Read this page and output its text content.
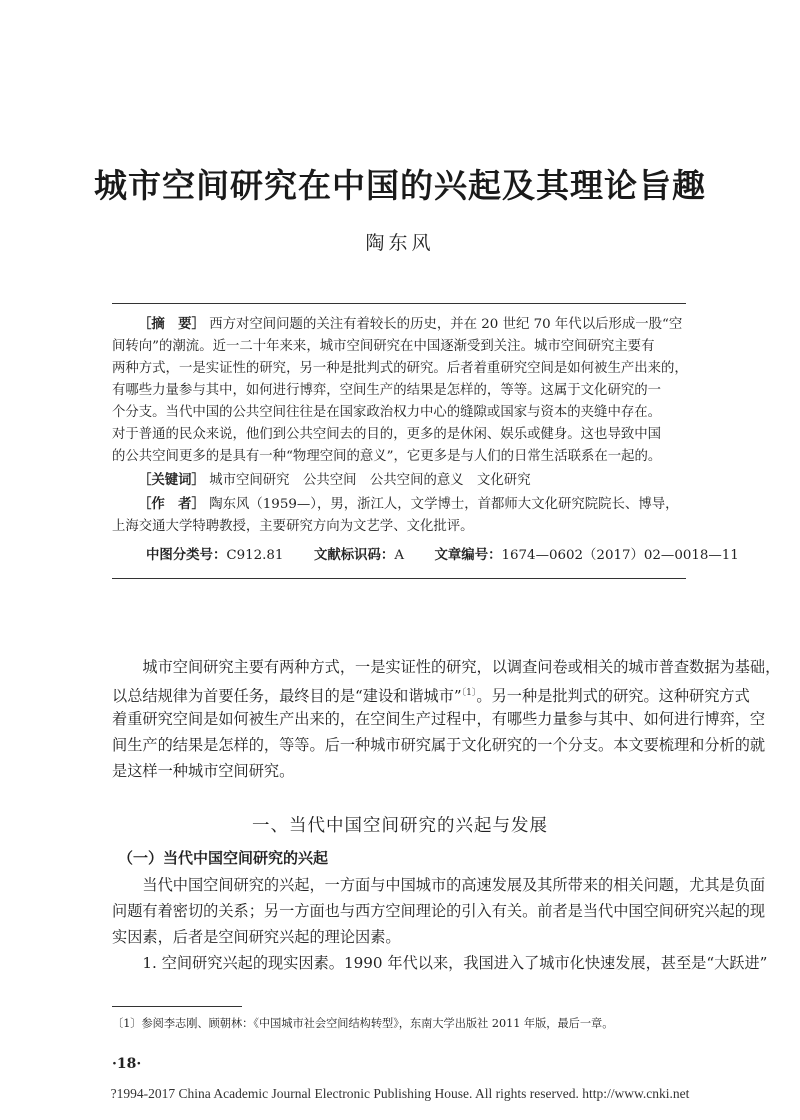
城市空间研究在中国的兴起及其理论旨趣
陶东风
［摘　要］ 西方对空间问题的关注有着较长的历史，并在 20 世纪 70 年代以后形成一股“空
间转向”的潮流。近一二十年来来，城市空间研究在中国逐渐受到关注。城市空间研究主要有
两种方式，一是实证性的研究，另一种是批判式的研究。后者着重研究空间是如何被生产出来的，
有哪些力量参与其中，如何进行博弈，空间生产的结果是怎样的，等等。这属于文化研究的一
个分支。当代中国的公共空间往往是在国家政治权力中心的缝隙或国家与资本的夹缝中存在。
对于普通的民众来说，他们到公共空间去的目的，更多的是休闲、娱乐或健身。这也导致中国
的公共空间更多的是具有一种“物理空间的意义”，它更多是与人们的日常生活联系在一起的。
［关键词］ 城市空间研究　公共空间　公共空间的意义　文化研究
［作　者］ 陶东风（1959—），男，浙江人，文学博士，首都师大文化研究院院长、博导，
上海交通大学特聘教授，主要研究方向为文艺学、文化批评。
中图分类号：C912.81 文献标识码：A 文章编号：1674—0602（2017）02—0018—11
　　城市空间研究主要有两种方式，一是实证性的研究，以调查问卷或相关的城市普查数据为基础，
以总结规律为首要任务，最终目的是“建设和谐城市”$^{〔1〕}$。另一种是批判式的研究。这种研究方式
着重研究空间是如何被生产出来的，在空间生产过程中，有哪些力量参与其中、如何进行博弈，空
间生产的结果是怎样的，等等。后一种城市研究属于文化研究的一个分支。本文要梳理和分析的就
是这样一种城市空间研究。
一、当代中国空间研究的兴起与发展
（一）当代中国空间研究的兴起
　　当代中国空间研究的兴起，一方面与中国城市的高速发展及其所带来的相关问题，尤其是负面
问题有着密切的关系；另一方面也与西方空间理论的引入有关。前者是当代中国空间研究兴起的现
实因素，后者是空间研究兴起的理论因素。
　　1. 空间研究兴起的现实因素。1990 年代以来，我国进入了城市化快速发展，甚至是“大跃进”
〔1〕参阅李志刚、顾朝林：《中国城市社会空间结构转型》，东南大学出版社 2011 年版，最后一章。
·18·
?1994-2017 China Academic Journal Electronic Publishing House. All rights reserved. http://www.cnki.net
